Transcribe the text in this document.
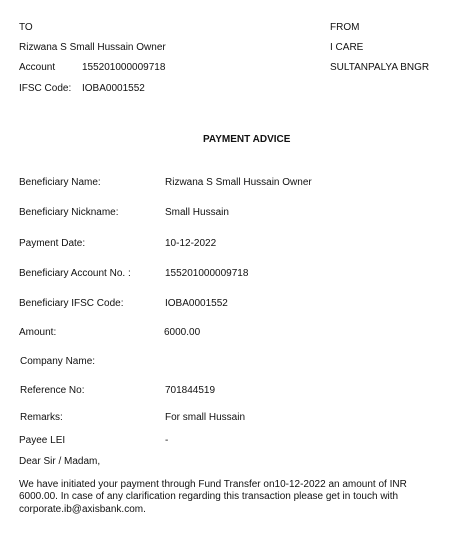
TO
Rizwana S Small Hussain Owner
Account	155201000009718
IFSC Code: IOBA0001552
FROM
I CARE
SULTANPALYA BNGR
PAYMENT ADVICE
Beneficiary Name:	Rizwana S Small Hussain Owner
Beneficiary Nickname:	Small Hussain
Payment Date:	10-12-2022
Beneficiary Account No. :	155201000009718
Beneficiary IFSC Code:	IOBA0001552
Amount:	6000.00
Company Name:
Reference No:	701844519
Remarks:	For small Hussain
Payee LEI	-
Dear Sir / Madam,
We have initiated your payment through Fund Transfer on10-12-2022 an amount of INR 6000.00. In case of any clarification regarding this transaction please get in touch with corporate.ib@axisbank.com.
